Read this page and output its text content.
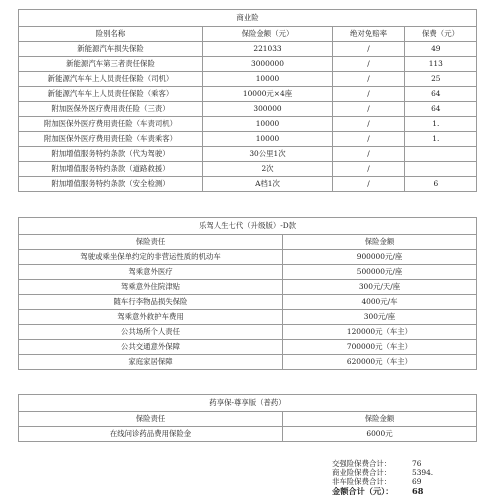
商业险			
险别名称	保险金额（元）	绝对免赔率	保费（元）
新能源汽车损失保险	221033	/	49
新能源汽车第三者责任保险	3000000	/	113
新能源汽车车上人员责任保险（司机）	10000	/	25
新能源汽车车上人员责任保险（乘客）	10000元×4座	/	64
附加医保外医疗费用责任险（三责）	300000	/	64
附加医保外医疗费用责任险（车责司机）	10000	/	1.
附加医保外医疗费用责任险（车责乘客）	10000	/	1.
附加增值服务特约条款（代为驾驶）	30公里1次	/	
附加增值服务特约条款（道路救援）	2次	/	
附加增值服务特约条款（安全检测）	A档1次	/	6
乐驾人生七代（升级版）-D款	
保险责任	保险金额
驾驶或乘坐保单约定的非营运性质的机动车	900000元/座
驾乘意外医疗	500000元/座
驾乘意外住院津贴	300元/天/座
随车行李物品损失保险	4000元/车
驾乘意外救护车费用	300元/座
公共场所个人责任	120000元（车主）
公共交通意外保障	700000元（车主）
家庭家居保障	620000元（车主）
药享保-尊享版（普药）	
保险责任	保险金额
在线问诊药品费用保险金	6000元
交强险保费合计：	76
商业险保费合计：	5394.
非车险保费合计：	69
金额合计（元）： 68
